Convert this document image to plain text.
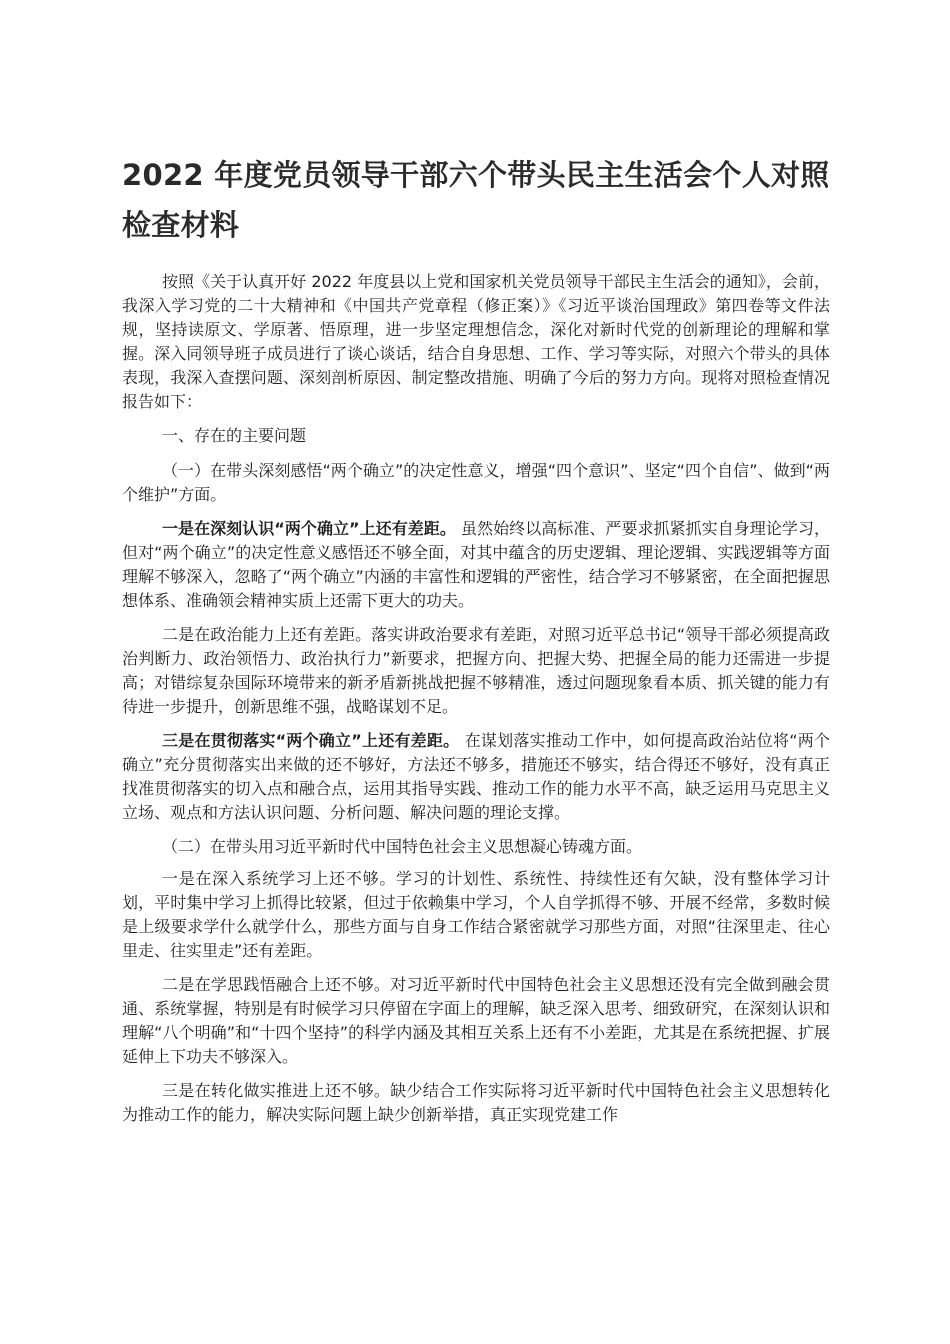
2022 年度党员领导干部六个带头民主生活会个人对照检查材料

按照《关于认真开好 2022 年度县以上党和国家机关党员领导干部民主生活会的通知》，会前，我深入学习党的二十大精神和《中国共产党章程（修正案）》《习近平谈治国理政》第四卷等文件法规，坚持读原文、学原著、悟原理，进一步坚定理想信念，深化对新时代党的创新理论的理解和掌握。深入同领导班子成员进行了谈心谈话，结合自身思想、工作、学习等实际，对照六个带头的具体表现，我深入查摆问题、深刻剖析原因、制定整改措施、明确了今后的努力方向。现将对照检查情况报告如下：

一、存在的主要问题

（一）在带头深刻感悟“两个确立”的决定性意义，增强“四个意识”、坚定“四个自信”、做到“两个维护”方面。

一是在深刻认识“两个确立”上还有差距。 虽然始终以高标准、严要求抓紧抓实自身理论学习，但对“两个确立”的决定性意义感悟还不够全面，对其中蕴含的历史逻辑、理论逻辑、实践逻辑等方面理解不够深入，忽略了“两个确立”内涵的丰富性和逻辑的严密性，结合学习不够紧密，在全面把握思想体系、准确领会精神实质上还需下更大的功夫。

二是在政治能力上还有差距。落实讲政治要求有差距，对照习近平总书记“领导干部必须提高政治判断力、政治领悟力、政治执行力”新要求，把握方向、把握大势、把握全局的能力还需进一步提高；对错综复杂国际环境带来的新矛盾新挑战把握不够精准，透过问题现象看本质、抓关键的能力有待进一步提升，创新思维不强，战略谋划不足。

三是在贯彻落实“两个确立”上还有差距。 在谋划落实推动工作中，如何提高政治站位将“两个确立”充分贯彻落实出来做的还不够好，方法还不够多，措施还不够实，结合得还不够好，没有真正找准贯彻落实的切入点和融合点，运用其指导实践、推动工作的能力水平不高，缺乏运用马克思主义立场、观点和方法认识问题、分析问题、解决问题的理论支撑。

（二）在带头用习近平新时代中国特色社会主义思想凝心铸魂方面。

一是在深入系统学习上还不够。学习的计划性、系统性、持续性还有欠缺，没有整体学习计划，平时集中学习上抓得比较紧，但过于依赖集中学习，个人自学抓得不够、开展不经常，多数时候是上级要求学什么就学什么，那些方面与自身工作结合紧密就学习那些方面，对照“往深里走、往心里走、往实里走”还有差距。

二是在学思践悟融合上还不够。对习近平新时代中国特色社会主义思想还没有完全做到融会贯通、系统掌握，特别是有时候学习只停留在字面上的理解，缺乏深入思考、细致研究，在深刻认识和理解“八个明确”和“十四个坚持”的科学内涵及其相互关系上还有不小差距，尤其是在系统把握、扩展延伸上下功夫不够深入。

三是在转化做实推进上还不够。缺少结合工作实际将习近平新时代中国特色社会主义思想转化为推动工作的能力，解决实际问题上缺少创新举措，真正实现党建工作
